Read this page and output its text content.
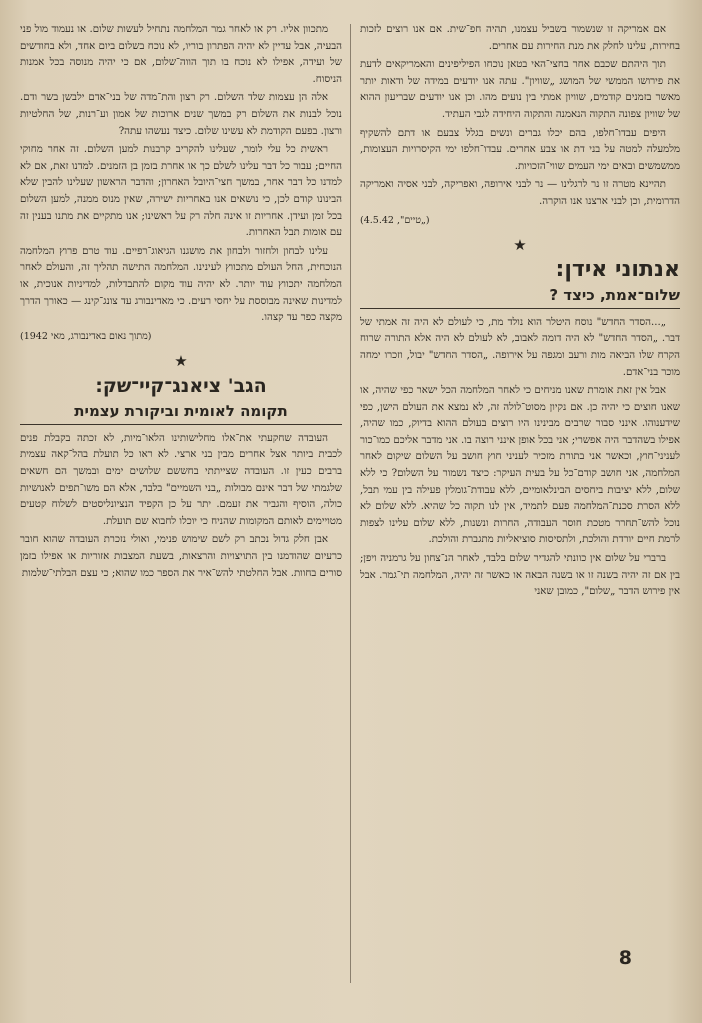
אם אמריקה זו שנשמור בשביל עצמנו, תהיה חפ־שית. אם אנו רוצים לזכות בחירות, עלינו לחלק את מנת החירות עם אחרים.

תוך היהתם שכבם אחר בחצי־האי בטאן נוכחו הפיליפינים והאמריקאים לדעת את פירושו הממשי של המושג „שוויון". עתה אנו יודעים במידה של ודאות יותר מאשר בזמנים קודמים, שוויון אמתי בין נועים מהו. וכן אנו יודעים שבריעון ההוא של שוויון צפונה התקוה הנאמנה והתקוה היחידה לגבי העתיד.

היפים עבדו־חלפו, בהם יכלו גברים ונשים בגלל צבעם או דתם להשקיף מלמעלה למטה על בני דת או צבע אחרים. עבדו־חלפו ימי הקיסרויות העצומות, ממשמשים ובאים ימי העמים שווי־הזכויות.

תהיינא מטרה זו נר לרגלינו — נר לבני אירופה, ואפריקה, לבני אסיה ואמריקה הדרומית, וכן לבני ארצנו אנו הוקרה.

(„טיים", 4.5.42)
★
אנתוני אידן:
שלום־אמת, כיצד ?

„...הסדר החדש" נוסח היטלר הוא נולד מת, כי לעולם לא היה זה אמתי של דבר. „הסדר החדש" לא היה דומה לאבוב, לא לעולם לא היה אלא התורה שרוח הקרח שלו הביאה מות ורעב ומגפה על אירופה. „הסדר החדש" יבול, וזכרו ימחה מוכר בני־אדם.

אבל אין זאת אומרת שאנו מניחים כי לאחר המלחמה הכל ישאר כפי שהיה, או שאנו חוצים כי יהיה כן. אם נקיון מסוט־לולה זה, לא נמצא את העולם הישן, כפי שידענוהו. אינני סבור שרבים מבינינו היו רוצים בעולם ההוא בדיוק, כמו שהיה, אפילו בשהדבר היה אפשרי; אני בכל אופן אינני רוצה בו. אני מדבר אליכם כמו־כור לעניני־חוץ, וכאשר אני בתורת מזכיר לעניני חוץ חושב על השלום שיקום לאחר המלחמה, אני חושב קודם־כל על בעית העיקר: כיצד נשמור על השלום? כי ללא שלום, ללא יציבות ביחסים הבינלאומיים, ללא עבודת־גומלין פעילה בין עמי תבל, ללא הסרת סכנת־המלחמה פעם לתמיד, אין לנו תקוה כל שהיא. ללא שלום לא נוכל להש־תחרר מטכת חוסר העבודה, החרות ונשנות, ללא שלום עלינו לצפות לרמת חיים יורדת והולכת, ולתסיסות סוציאליות מתגברת והולכת.

ברברי על שלום אין כוונתי להגדיר שלום בלבד, לאחר הנ־צחון על גרמניה ויפן; בין אם זה יהיה בשנה זו או בשנה הבאה או כאשר זה יהיה, המלחמה תי־גמר. אבל אין פירוש הדבר „שלום", כמובן שאני

מתכוון אליו. רק או לאחר גמר המלחמה נתחיל לעשות שלום. או נעמוד מול פני הבעיה, אבל עדיין לא יהיה הפתרון בוריו, לא נוכח בשלום ביום אחד, ולא בחודשים של ועידה, אפילו לא נוכח בו תוך הווה־שלום, אם כי יהיה מנוסה בכל אמנות הניסוח.

אלה הן עצמות שלד השלום. רק רצון והת־מדה של בני־אדם ילבשן בשר ודם. נוכל לבנות את השלום רק במשך שנים ארוכות של אמון וע־רנות, של החלטיות ורצון. בפעם הקודמת לא עשינו שלום. כיצד נעשהו עתה?

ראשית כל עלי לומר, שעלינו להקריב קרבנות למען השלום. זה אחר מחוקי החיים; עבור כל דבר עלינו לשלם כך או אחרת בזמן בן הזמנים. למדנו זאת, אם לא למדנו כל דבר אחר, במשך חצי־היובל האחרון; והדבר הראשון שעלינו להבין שלא הבינונו קודם לכן, כי נושאים אנו באחריות ישירה, שאין מנוס ממנה, למען השלום בכל זמן ועידן. אחריות זו אינה חלה רק על ראשינו; אנו מתקיים את מתנו בענין זה עם אומות תבל האחרות.

עלינו לבחון ולחזור ולבחון את מושגנו הגיאוג־רפיים. עוד טרם פרוץ המלחמה הנוכחית, החל העולם מתכווץ לעינינו. המלחמה התישה תהליך זה, והעולם לאחר המלחמה יתכווץ עוד יותר. לא יהיה עוד מקום להתבדלות, למדיניות אנוכית, או למדינות שאינה מבוססת על יחסי רעים. כי מאדינבורג עד צונג־קינג — כאורך הדרך מקצה כפר עד קצהו.

(מתוך נאום באדינבורג, מאי 1942)
★
הגב' ציאנג־קיי־שק:
תקומה לאומית וביקורת עצמית

העובדה שחקעתי את־אלו מחלישותינו הלאו־מיות, לא זכתה בקבלת פנים לכבית ביותר אצל אחרים מבין בני ארצי. לא ראו כל תועלת בהל־קאה עצמית ברבים כעין זו. העובדה שצייתתי בחששם שלושים ימים ובמשך הם חשאים שלגמתי של דבר אינם מבולות „בני השמיים" בלבד, אלא הם משו־תפים לאנושיות כולה, הוסיף והגביר את זעמם. יתר על כן הקפיד הנציונליסטים לשלוח קטעים מטויימים לאותם המקומות שהניח כי יוכלו לחבוא שם תועלת.

אבן חלק גדול נכתב רק לשם שימוש פנימי, ואולי נזכרת העובדה שהוא חובר כרעיום שהודמנו בין התויצויות והרצאות, בשעת המצבות אזוריות או אפילו בזמן סורים בחוות. אבל החלטתי להש־איר את הספר כמו שהוא; כי עצם הבלתי־שלמות

8
